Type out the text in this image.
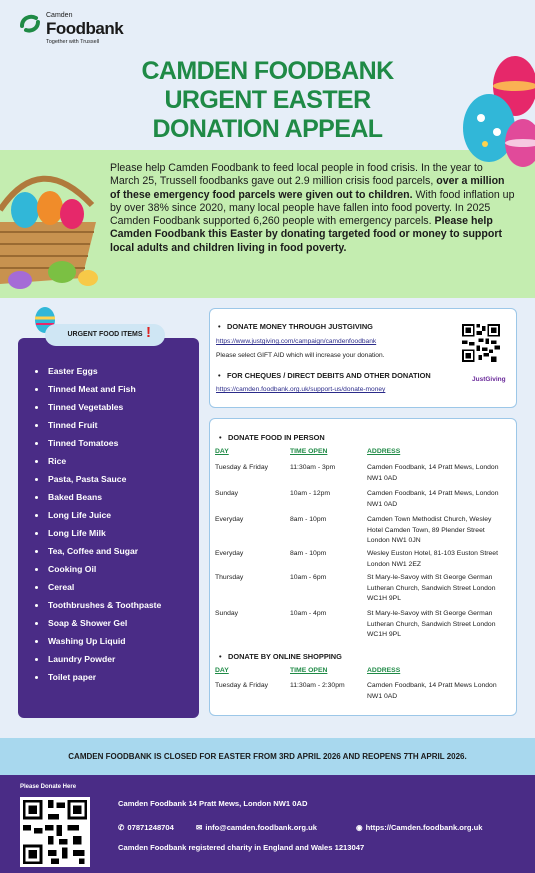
Camden
Foodbank
Together with Trussell
CAMDEN FOODBANK
URGENT EASTER
DONATION APPEAL

Please help Camden Foodbank to feed local people in food crisis. In the year to March 25, Trussell foodbanks gave out 2.9 million crisis food parcels, over a million of these emergency food parcels were given out to children. With food inflation up by over 38% since 2020, many local people have fallen into food poverty. In 2025 Camden Foodbank supported 6,260 people with emergency parcels. Please help Camden Foodbank this Easter by donating targeted food or money to support local adults and children living in food poverty.

URGENT FOOD ITEMS !
Easter Eggs
Tinned Meat and Fish
Tinned Vegetables
Tinned Fruit
Tinned Tomatoes
Rice
Pasta, Pasta Sauce
Baked Beans
Long Life Juice
Long Life Milk
Tea, Coffee and Sugar
Cooking Oil
Cereal
Toothbrushes & Toothpaste
Soap & Shower Gel
Washing Up Liquid
Laundry Powder
Toilet paper
• DONATE MONEY THROUGH JUSTGIVING
https://www.justgiving.com/campaign/camdenfoodbank
Please select GIFT AID which will increase your donation.
• FOR CHEQUES / DIRECT DEBITS AND OTHER DONATION
https://camden.foodbank.org.uk/support-us/donate-money
JustGiving
• DONATE FOOD IN PERSON
DAY	TIME OPEN	ADDRESS
Tuesday & Friday	11:30am - 3pm	Camden Foodbank, 14 Pratt Mews, London NW1 0AD
Sunday	10am - 12pm	Camden Foodbank, 14 Pratt Mews, London NW1 0AD
Everyday	8am - 10pm	Camden Town Methodist Church, Wesley Hotel Camden Town, 89 Plender Street London NW1 0JN
Everyday	8am - 10pm	Wesley Euston Hotel, 81-103 Euston Street London NW1 2EZ
Thursday	10am - 6pm	St Mary-le-Savoy with St George German Lutheran Church, Sandwich Street London WC1H 9PL
Sunday	10am - 4pm	St Mary-le-Savoy with St George German Lutheran Church, Sandwich Street London WC1H 9PL
• DONATE BY ONLINE SHOPPING
DAY	TIME OPEN	ADDRESS
Tuesday & Friday	11:30am - 2:30pm	Camden Foodbank, 14 Pratt Mews London NW1 0AD
CAMDEN FOODBANK IS CLOSED FOR EASTER FROM 3RD APRIL 2026 AND REOPENS 7TH APRIL 2026.
Please Donate Here
Camden Foodbank 14 Pratt Mews, London NW1 0AD
✆ 07871248704	✉ info@camden.foodbank.org.uk	◉ https://Camden.foodbank.org.uk
Camden Foodbank registered charity in England and Wales 1213047
